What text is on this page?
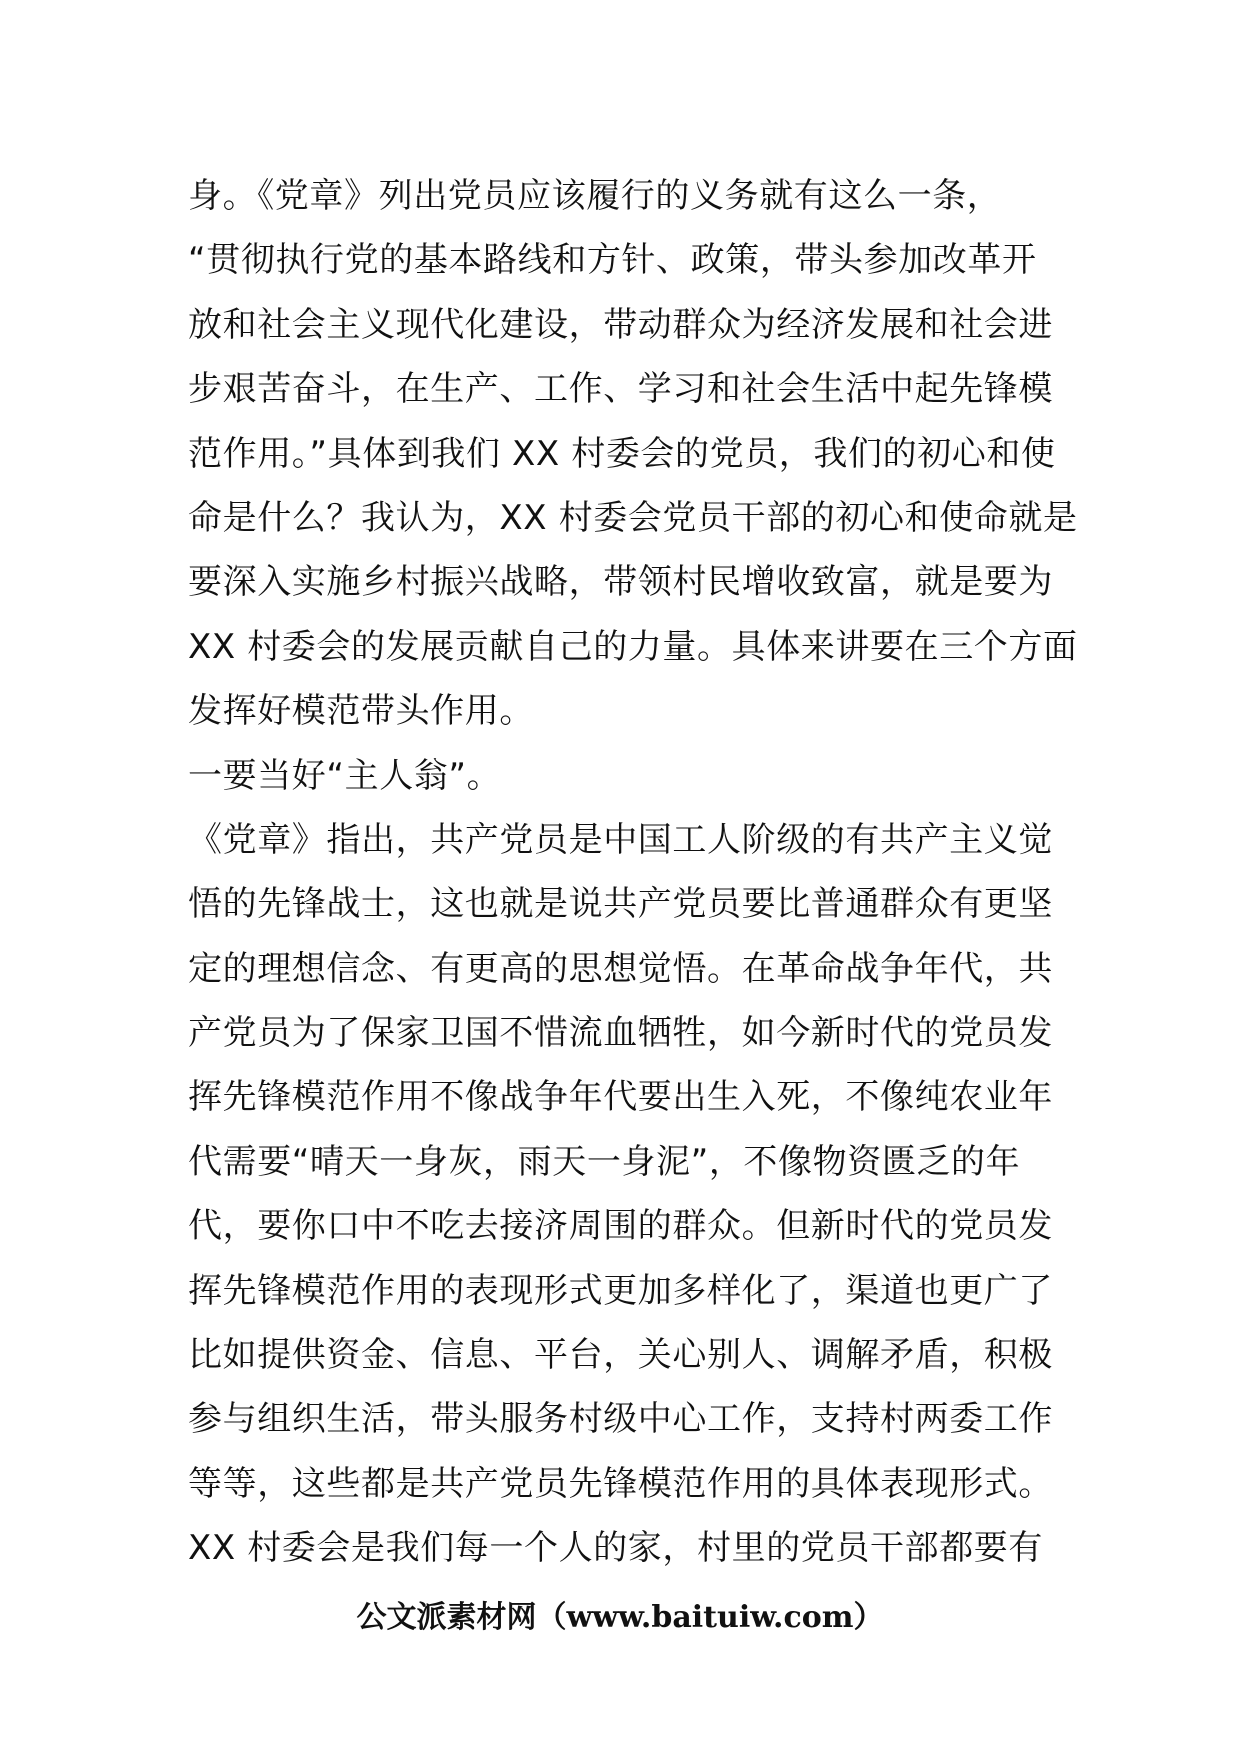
身。《党章》列出党员应该履行的义务就有这么一条，
“贯彻执行党的基本路线和方针、政策，带头参加改革开
放和社会主义现代化建设，带动群众为经济发展和社会进
步艰苦奋斗，在生产、工作、学习和社会生活中起先锋模
范作用。”具体到我们 XX 村委会的党员，我们的初心和使
命是什么？我认为，XX 村委会党员干部的初心和使命就是
要深入实施乡村振兴战略，带领村民增收致富，就是要为
XX 村委会的发展贡献自己的力量。具体来讲要在三个方面
发挥好模范带头作用。
一要当好“主人翁”。
《党章》指出，共产党员是中国工人阶级的有共产主义觉
悟的先锋战士，这也就是说共产党员要比普通群众有更坚
定的理想信念、有更高的思想觉悟。在革命战争年代，共
产党员为了保家卫国不惜流血牺牲，如今新时代的党员发
挥先锋模范作用不像战争年代要出生入死，不像纯农业年
代需要“晴天一身灰，雨天一身泥”，不像物资匮乏的年
代，要你口中不吃去接济周围的群众。但新时代的党员发
挥先锋模范作用的表现形式更加多样化了，渠道也更广了
比如提供资金、信息、平台，关心别人、调解矛盾，积极
参与组织生活，带头服务村级中心工作，支持村两委工作
等等，这些都是共产党员先锋模范作用的具体表现形式。
XX 村委会是我们每一个人的家，村里的党员干部都要有
公文派素材网（www.baituiw.com）
